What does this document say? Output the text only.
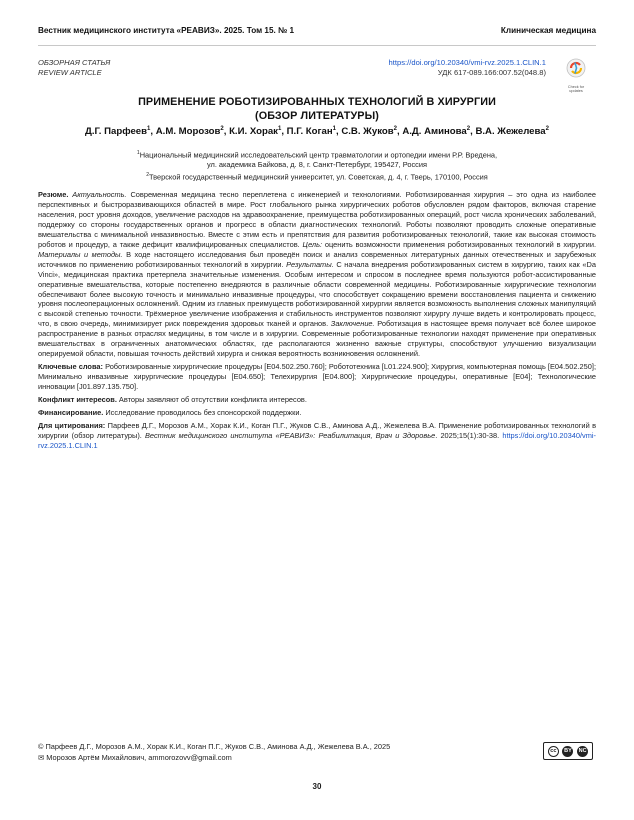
Вестник медицинского института «РЕАВИЗ». 2025. Том 15. № 1	Клиническая медицина
ОБЗОРНАЯ СТАТЬЯ
REVIEW ARTICLE
https://doi.org/10.20340/vmi-rvz.2025.1.CLIN.1
УДК 617-089.166:007.52(048.8)
Check for
updates
ПРИМЕНЕНИЕ РОБОТИЗИРОВАННЫХ ТЕХНОЛОГИЙ В ХИРУРГИИ
(ОБЗОР ЛИТЕРАТУРЫ)
Д.Г. Парфеев$^1$, А.М. Морозов$^2$, К.И. Хорак$^1$, П.Г. Коган$^1$, С.В. Жуков$^2$, А.Д. Аминова$^2$, В.А. Жежелева$^2$
$^1$Национальный медицинский исследовательский центр травматологии и ортопедии имени Р.Р. Вредена,
ул. академика Байкова, д. 8, г. Санкт-Петербург, 195427, Россия
$^2$Тверской государственный медицинский университет, ул. Советская, д. 4, г. Тверь, 170100, Россия

Резюме. Актуальность. Современная медицина тесно переплетена с инженерией и технологиями. Роботизированная хирургия – это одна из наиболее перспективных и быстроразвивающихся областей в мире. Рост глобального рынка хирургических роботов обусловлен рядом факторов, включая старение населения, рост уровня доходов, увеличение расходов на здравоохранение, преимущества роботизированных операций, рост числа хронических заболеваний, поддержку со стороны государственных органов и прогресс в области диагностических технологий. Роботы позволяют проводить сложные оперативные вмешательства с минимальной инвазивностью. Вместе с этим есть и препятствия для развития роботизированных технологий, такие как высокая стоимость роботов и процедур, а также дефицит квалифицированных специалистов. Цель: оценить возможности применения роботизированных технологий в хирургии. Материалы и методы. В ходе настоящего исследования был проведён поиск и анализ современных литературных данных отечественных и зарубежных источников по применению роботизированных технологий в хирургии. Результаты. С начала внедрения роботизированных систем в хирургию, таких как «Da Vinci», медицинская практика претерпела значительные изменения. Особым интересом и спросом в последнее время пользуются робот-ассистированные оперативные вмешательства, которые постепенно внедряются в различные области современной медицины. Роботизированные хирургические технологии обеспечивают более высокую точность и минимально инвазивные процедуры, что способствует сокращению времени восстановления пациента и снижению уровня послеоперационных осложнений. Одним из главных преимуществ роботизированной хирургии является возможность выполнения сложных манипуляций с высокой степенью точности. Трёхмерное увеличение изображения и стабильность инструментов позволяют хирургу лучше видеть и контролировать процесс, что, в свою очередь, минимизирует риск повреждения здоровых тканей и органов. Заключение. Роботизация в настоящее время получает всё более широкое распространение в разных отраслях медицины, в том числе и в хирургии. Современные роботизированные технологии находят применение при оперативных вмешательствах в ограниченных анатомических областях, где располагаются жизненно важные структуры, способствуют улучшению визуализации оперируемой области, повышая точность действий хирурга и снижая вероятность возникновения осложнений.

Ключевые слова: Роботизированные хирургические процедуры [E04.502.250.760]; Робототехника [L01.224.900]; Хирургия, компьютерная помощь [E04.502.250]; Минимально инвазивные хирургические процедуры [E04.650]; Телехирургия [E04.800]; Хирургические процедуры, оперативные [E04]; Технологические инновации [J01.897.135.750].

Конфликт интересов. Авторы заявляют об отсутствии конфликта интересов.

Финансирование. Исследование проводилось без спонсорской поддержки.

Для цитирования: Парфеев Д.Г., Морозов А.М., Хорак К.И., Коган П.Г., Жуков С.В., Аминова А.Д., Жежелева В.А. Применение роботизированных технологий в хирургии (обзор литературы). Вестник медицинского института «РЕАВИЗ»: Реабилитация, Врач и Здоровье. 2025;15(1):30-38. https://doi.org/10.20340/vmi-rvz.2025.1.CLIN.1

© Парфеев Д.Г., Морозов А.М., Хорак К.И., Коган П.Г., Жуков С.В., Аминова А.Д., Жежелева В.А., 2025
✉ Морозов Артём Михайлович, ammorozovv@gmail.com
cc	BY	NC
30
